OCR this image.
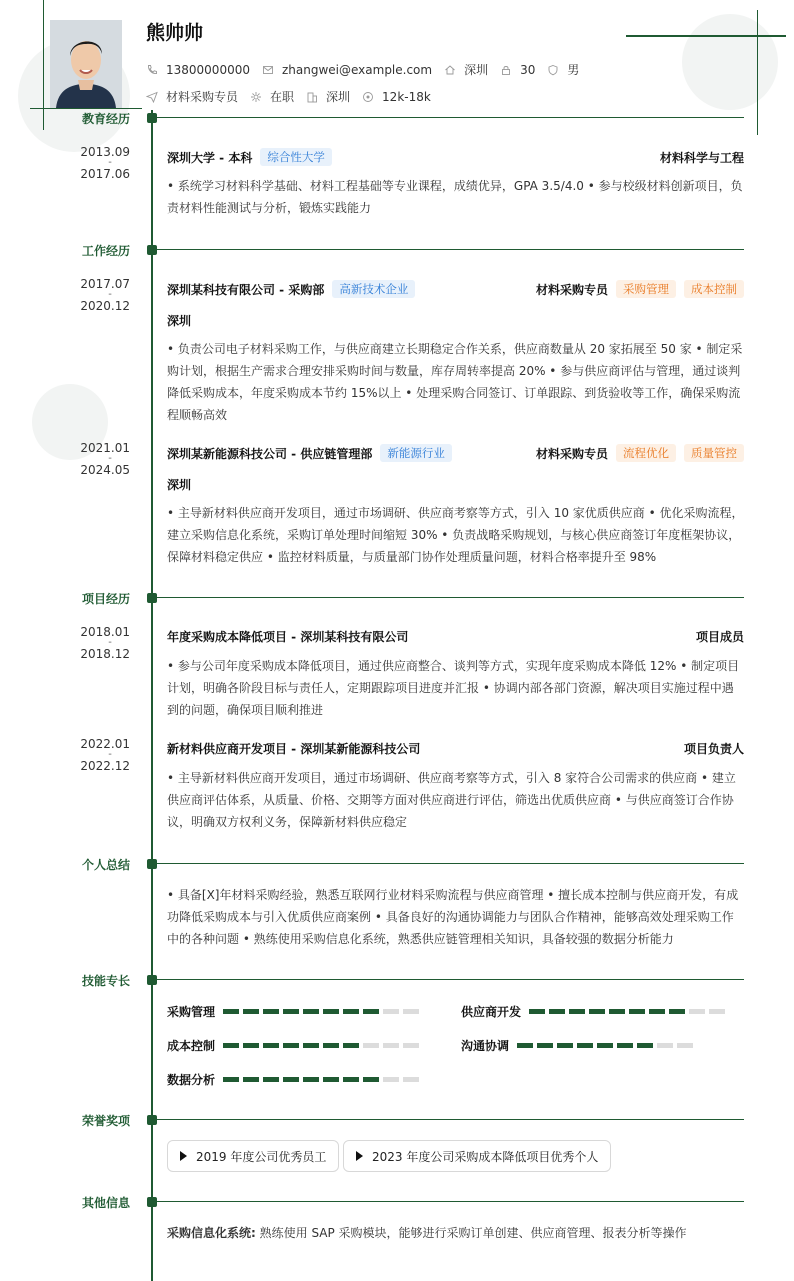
熊帅帅
13800000000	zhangwei@example.com	深圳	30	男
材料采购专员	在职	深圳	12k-18k
教育经历
2013.09
-
2017.06
深圳大学 - 本科	综合性大学	材料科学与工程
• 系统学习材料科学基础、材料工程基础等专业课程，成绩优异，GPA 3.5/4.0 • 参与校级材料创新项目，负责材料性能测试与分析，锻炼实践能力
工作经历
2017.07
-
2020.12
深圳某科技有限公司 - 采购部	高新技术企业	材料采购专员	采购管理	成本控制
深圳
• 负责公司电子材料采购工作，与供应商建立长期稳定合作关系，供应商数量从 20 家拓展至 50 家 • 制定采购计划，根据生产需求合理安排采购时间与数量，库存周转率提高 20% • 参与供应商评估与管理，通过谈判降低采购成本，年度采购成本节约 15%以上 • 处理采购合同签订、订单跟踪、到货验收等工作，确保采购流程顺畅高效
2021.01
-
2024.05
深圳某新能源科技公司 - 供应链管理部	新能源行业	材料采购专员	流程优化	质量管控
深圳
• 主导新材料供应商开发项目，通过市场调研、供应商考察等方式，引入 10 家优质供应商 • 优化采购流程，建立采购信息化系统，采购订单处理时间缩短 30% • 负责战略采购规划，与核心供应商签订年度框架协议，保障材料稳定供应 • 监控材料质量，与质量部门协作处理质量问题，材料合格率提升至 98%
项目经历
2018.01
-
2018.12
年度采购成本降低项目 - 深圳某科技有限公司	项目成员
• 参与公司年度采购成本降低项目，通过供应商整合、谈判等方式，实现年度采购成本降低 12% • 制定项目计划，明确各阶段目标与责任人，定期跟踪项目进度并汇报 • 协调内部各部门资源，解决项目实施过程中遇到的问题，确保项目顺利推进
2022.01
-
2022.12
新材料供应商开发项目 - 深圳某新能源科技公司	项目负责人
• 主导新材料供应商开发项目，通过市场调研、供应商考察等方式，引入 8 家符合公司需求的供应商 • 建立供应商评估体系，从质量、价格、交期等方面对供应商进行评估，筛选出优质供应商 • 与供应商签订合作协议，明确双方权利义务，保障新材料供应稳定
个人总结
• 具备[X]年材料采购经验，熟悉互联网行业材料采购流程与供应商管理 • 擅长成本控制与供应商开发，有成功降低采购成本与引入优质供应商案例 • 具备良好的沟通协调能力与团队合作精神，能够高效处理采购工作中的各种问题 • 熟练使用采购信息化系统，熟悉供应链管理相关知识，具备较强的数据分析能力
技能专长
采购管理	供应商开发
成本控制	沟通协调
数据分析
荣誉奖项
2019 年度公司优秀员工	2023 年度公司采购成本降低项目优秀个人
其他信息
采购信息化系统: 熟练使用 SAP 采购模块，能够进行采购订单创建、供应商管理、报表分析等操作
